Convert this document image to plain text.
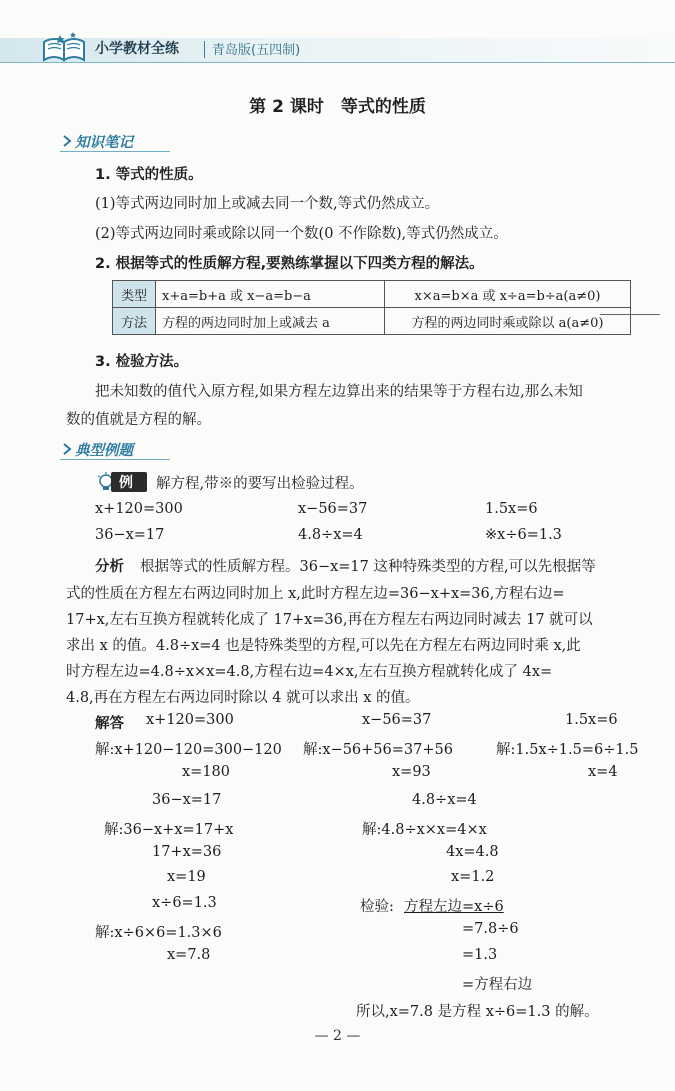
小学教材全练	青岛版(五四制)
第 2 课时　等式的性质
知识笔记
1. 等式的性质。
(1)等式两边同时加上或减去同一个数,等式仍然成立。
(2)等式两边同时乘或除以同一个数(0 不作除数),等式仍然成立。
2. 根据等式的性质解方程,要熟练掌握以下四类方程的解法。
类型	x+a=b+a 或 x−a=b−a	x×a=b×a 或 x÷a=b÷a(a≠0)
方法	方程的两边同时加上或减去 a	方程的两边同时乘或除以 a(a≠0)
3. 检验方法。
把未知数的值代入原方程,如果方程左边算出来的结果等于方程右边,那么未知
数的值就是方程的解。
典型例题
例 解方程,带※的要写出检验过程。
x+120=300	x−56=37	1.5x=6
36−x=17	4.8÷x=4	※x÷6=1.3
分析 根据等式的性质解方程。36−x=17 这种特殊类型的方程,可以先根据等
式的性质在方程左右两边同时加上 x,此时方程左边=36−x+x=36,方程右边=
17+x,左右互换方程就转化成了 17+x=36,再在方程左右两边同时减去 17 就可以
求出 x 的值。4.8÷x=4 也是特殊类型的方程,可以先在方程左右两边同时乘 x,此
时方程左边=4.8÷x×x=4.8,方程右边=4×x,左右互换方程就转化成了 4x=
4.8,再在方程左右两边同时除以 4 就可以求出 x 的值。
解答 x+120=300
解:x+120−120=300−120
x=180
x−56=37
解:x−56+56=37+56
x=93
1.5x=6
解:1.5x÷1.5=6÷1.5
x=4
36−x=17
解:36−x+x=17+x
17+x=36
x=19
4.8÷x=4
解:4.8÷x×x=4×x
4x=4.8
x=1.2
x÷6=1.3
解:x÷6×6=1.3×6
x=7.8
检验: 方程左边=x÷6
=7.8÷6
=1.3
=方程右边
所以,x=7.8 是方程 x÷6=1.3 的解。
— 2 —
